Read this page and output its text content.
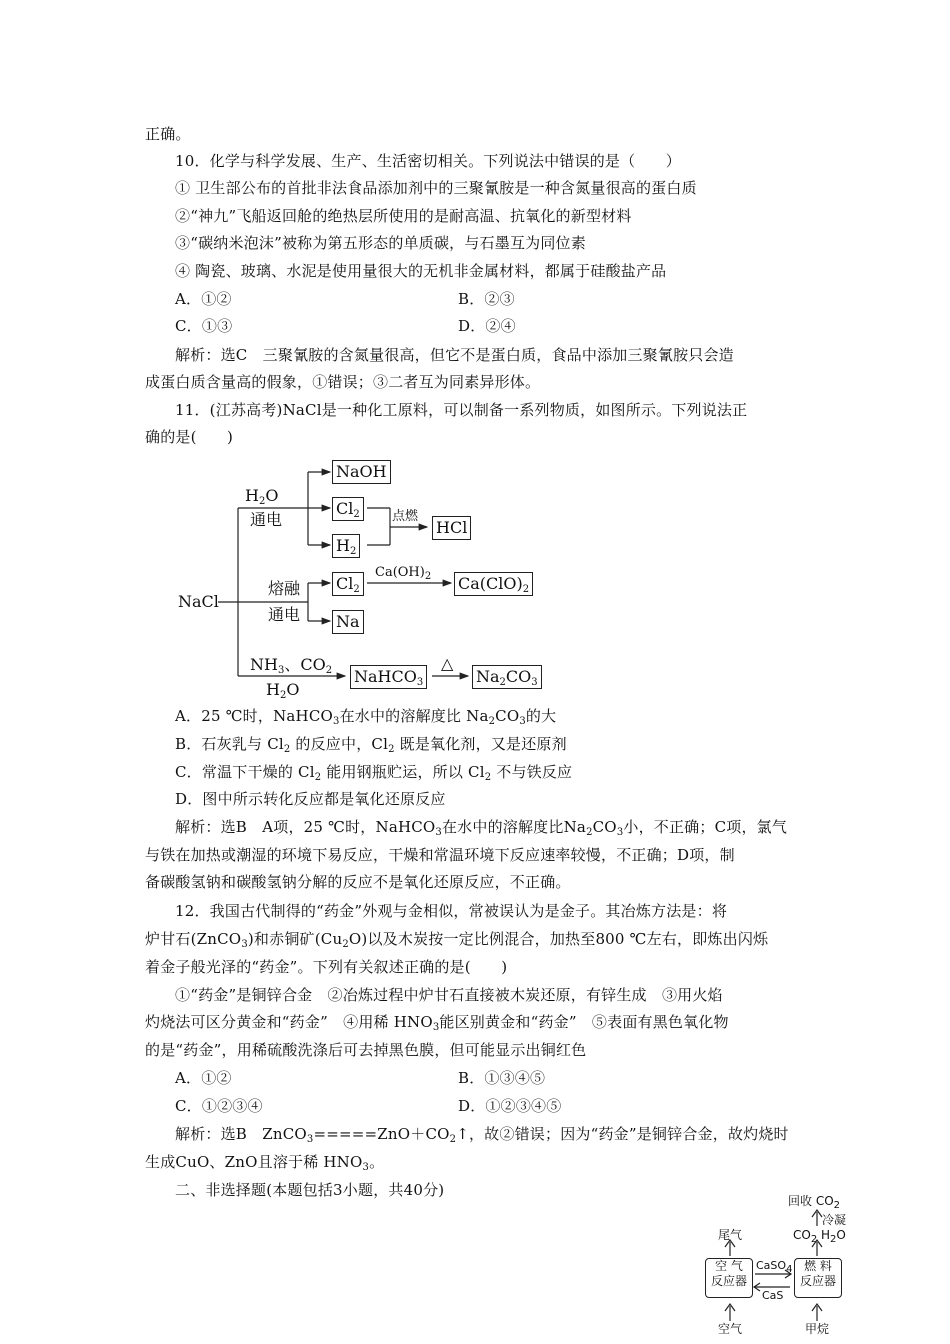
正确。
10．化学与科学发展、生产、生活密切相关。下列说法中错误的是（　　）
① 卫生部公布的首批非法食品添加剂中的三聚氰胺是一种含氮量很高的蛋白质
②“神九”飞船返回舱的绝热层所使用的是耐高温、抗氧化的新型材料
③“碳纳米泡沫”被称为第五形态的单质碳，与石墨互为同位素
④ 陶瓷、玻璃、水泥是使用量很大的无机非金属材料，都属于硅酸盐产品
A．①②	B．②③
C．①③	D．②④
解析：选C　三聚氰胺的含氮量很高，但它不是蛋白质，食品中添加三聚氰胺只会造
成蛋白质含量高的假象，①错误；③二者互为同素异形体。
11．(江苏高考)NaCl是一种化工原料，可以制备一系列物质，如图所示。下列说法正
确的是(　　)
NaCl
$H_2O$
通电
熔融
通电
NaOH
$Cl_2$
$H_2$
点燃
HCl
$Cl_2$
$Ca(OH)_2$ $Ca(ClO)_2$
Na
$NH_3$、$CO_2$
$H_2O$
NaHCO$_3$
△
$Na_2CO_3$
A．25 ℃时，NaHCO$_3$在水中的溶解度比 $Na_2CO_3$的大
B．石灰乳与 $Cl_2$ 的反应中，$Cl_2$ 既是氧化剂，又是还原剂
C．常温下干燥的 $Cl_2$ 能用钢瓶贮运，所以 $Cl_2$ 不与铁反应
D．图中所示转化反应都是氧化还原反应
解析：选B　A项，25 ℃时，NaHCO$_3$在水中的溶解度比$Na_2CO_3$小，不正确；C项，氯气
与铁在加热或潮湿的环境下易反应，干燥和常温环境下反应速率较慢，不正确；D项，制
备碳酸氢钠和碳酸氢钠分解的反应不是氧化还原反应，不正确。
12．我国古代制得的“药金”外观与金相似，常被误认为是金子。其冶炼方法是：将
炉甘石(ZnCO$_3$)和赤铜矿$(Cu_2O)$以及木炭按一定比例混合，加热至800 ℃左右，即炼出闪烁
着金子般光泽的“药金”。下列有关叙述正确的是(　　)
①“药金”是铜锌合金　②冶炼过程中炉甘石直接被木炭还原，有锌生成　③用火焰
灼烧法可区分黄金和“药金”　④用稀 $HNO_3$能区别黄金和“药金”　⑤表面有黑色氧化物
的是“药金”，用稀硫酸洗涤后可去掉黑色膜，但可能显示出铜红色
A．①②	B．①③④⑤
C．①②③④	D．①②③④⑤
解析：选B　$ZnCO_3=====ZnO+CO_2↑$，故②错误；因为“药金”是铜锌合金，故灼烧时
生成CuO、ZnO且溶于稀 $HNO_3$。
二、非选择题(本题包括3小题，共40分)
回收 $CO_2$
冷凝
$CO_2$ $H_2O$
尾气
空 气
反应器
燃 料
反应器
CaSO$_4$
CaS
空气	甲烷
